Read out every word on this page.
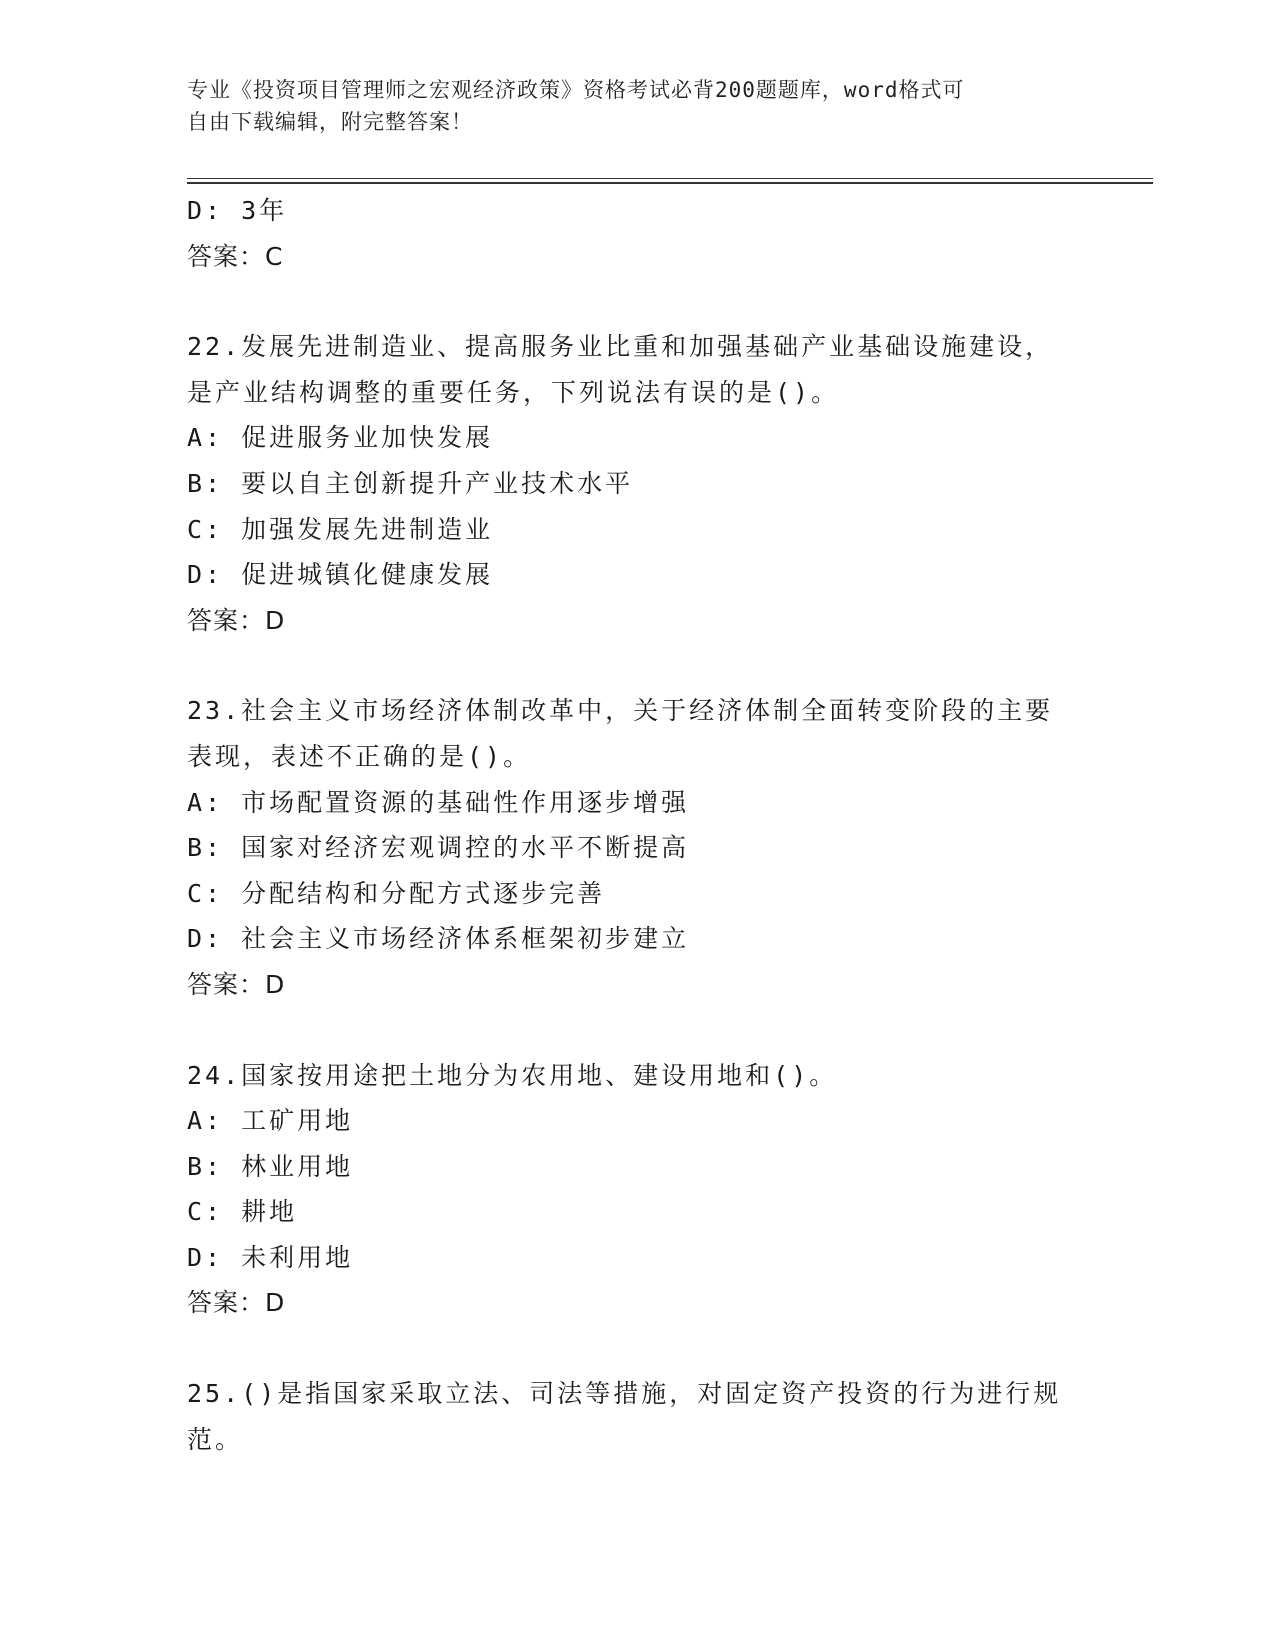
专业《投资项目管理师之宏观经济政策》资格考试必背200题题库，word格式可
自由下载编辑，附完整答案！
D: 3年
答案：C
22.发展先进制造业、提高服务业比重和加强基础产业基础设施建设，
是产业结构调整的重要任务，下列说法有误的是()。
A: 促进服务业加快发展
B: 要以自主创新提升产业技术水平
C: 加强发展先进制造业
D: 促进城镇化健康发展
答案：D
23.社会主义市场经济体制改革中，关于经济体制全面转变阶段的主要
表现，表述不正确的是()。
A: 市场配置资源的基础性作用逐步增强
B: 国家对经济宏观调控的水平不断提高
C: 分配结构和分配方式逐步完善
D: 社会主义市场经济体系框架初步建立
答案：D
24.国家按用途把土地分为农用地、建设用地和()。
A: 工矿用地
B: 林业用地
C: 耕地
D: 未利用地
答案：D
25.()是指国家采取立法、司法等措施，对固定资产投资的行为进行规
范。
